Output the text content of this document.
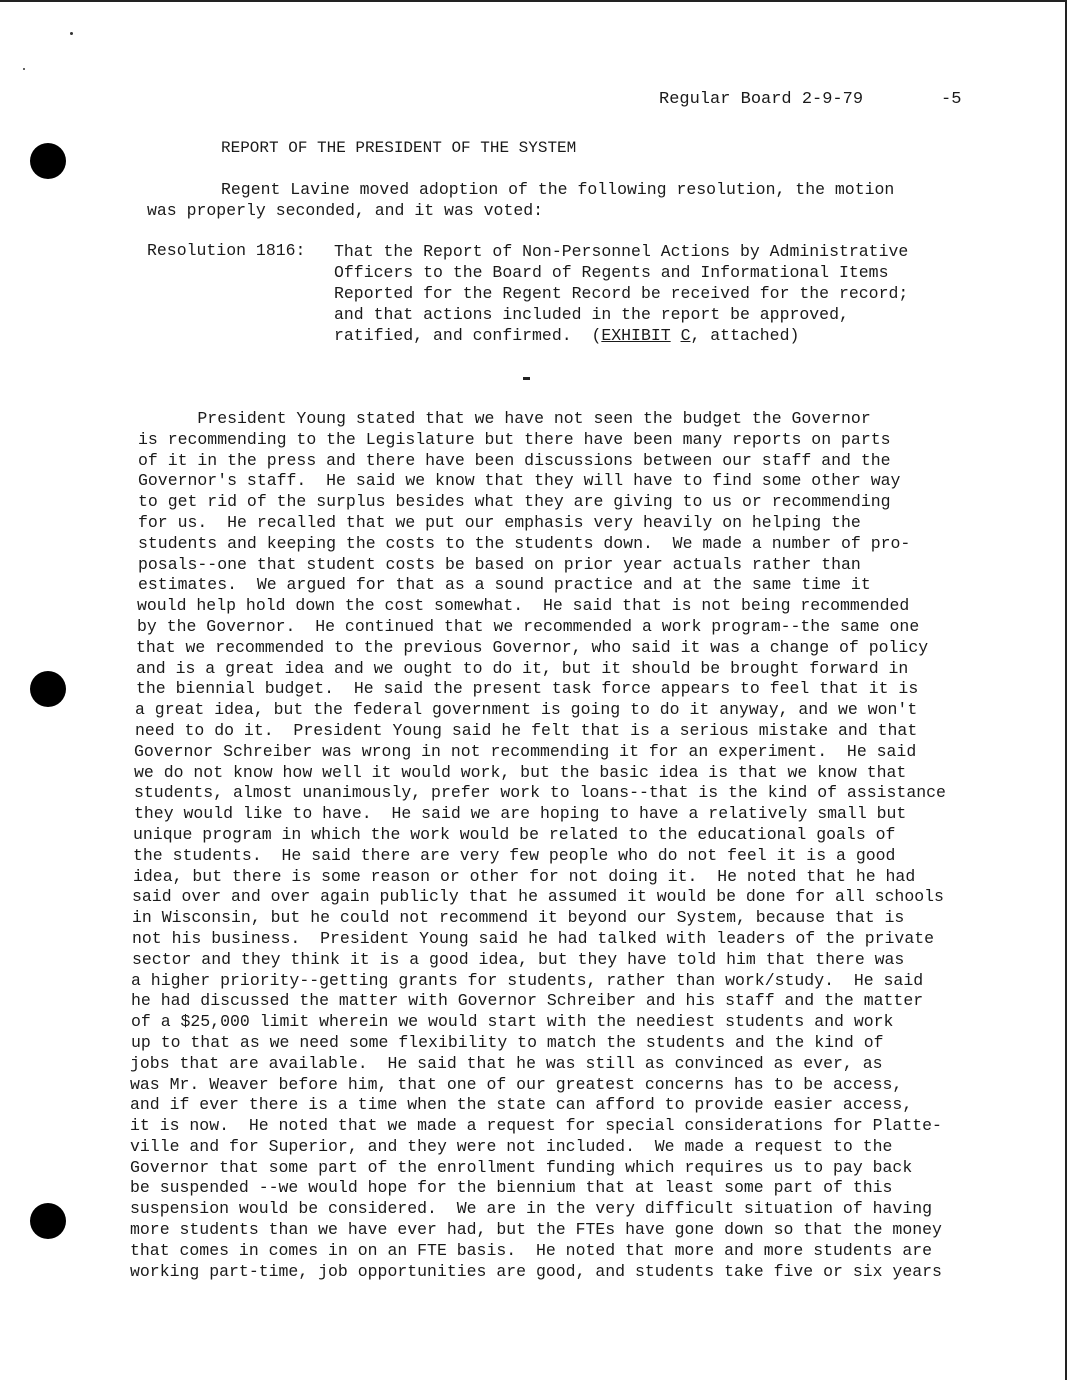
Regular Board 2-9-79	-5
REPORT OF THE PRESIDENT OF THE SYSTEM
Regent Lavine moved adoption of the following resolution, the motion
was properly seconded, and it was voted:
Resolution 1816: That the Report of Non-Personnel Actions by Administrative
Officers to the Board of Regents and Informational Items
Reported for the Regent Record be received for the record;
and that actions included in the report be approved,
ratified, and confirmed.  (EXHIBIT C, attached)
President Young stated that we have not seen the budget the Governor
is recommending to the Legislature but there have been many reports on parts
of it in the press and there have been discussions between our staff and the
Governor's staff.  He said we know that they will have to find some other way
to get rid of the surplus besides what they are giving to us or recommending
for us.  He recalled that we put our emphasis very heavily on helping the
students and keeping the costs to the students down.  We made a number of pro-
posals--one that student costs be based on prior year actuals rather than
estimates.  We argued for that as a sound practice and at the same time it
would help hold down the cost somewhat.  He said that is not being recommended
by the Governor.  He continued that we recommended a work program--the same one
that we recommended to the previous Governor, who said it was a change of policy
and is a great idea and we ought to do it, but it should be brought forward in
the biennial budget.  He said the present task force appears to feel that it is
a great idea, but the federal government is going to do it anyway, and we won't
need to do it.  President Young said he felt that is a serious mistake and that
Governor Schreiber was wrong in not recommending it for an experiment.  He said
we do not know how well it would work, but the basic idea is that we know that
students, almost unanimously, prefer work to loans--that is the kind of assistance
they would like to have.  He said we are hoping to have a relatively small but
unique program in which the work would be related to the educational goals of
the students.  He said there are very few people who do not feel it is a good
idea, but there is some reason or other for not doing it.  He noted that he had
said over and over again publicly that he assumed it would be done for all schools
in Wisconsin, but he could not recommend it beyond our System, because that is
not his business.  President Young said he had talked with leaders of the private
sector and they think it is a good idea, but they have told him that there was
a higher priority--getting grants for students, rather than work/study.  He said
he had discussed the matter with Governor Schreiber and his staff and the matter
of a $25,000 limit wherein we would start with the neediest students and work
up to that as we need some flexibility to match the students and the kind of
jobs that are available.  He said that he was still as convinced as ever, as
was Mr. Weaver before him, that one of our greatest concerns has to be access,
and if ever there is a time when the state can afford to provide easier access,
it is now.  He noted that we made a request for special considerations for Platte-
ville and for Superior, and they were not included.  We made a request to the
Governor that some part of the enrollment funding which requires us to pay back
be suspended --we would hope for the biennium that at least some part of this
suspension would be considered.  We are in the very difficult situation of having
more students than we have ever had, but the FTEs have gone down so that the money
that comes in comes in on an FTE basis.  He noted that more and more students are
working part-time, job opportunities are good, and students take five or six years
